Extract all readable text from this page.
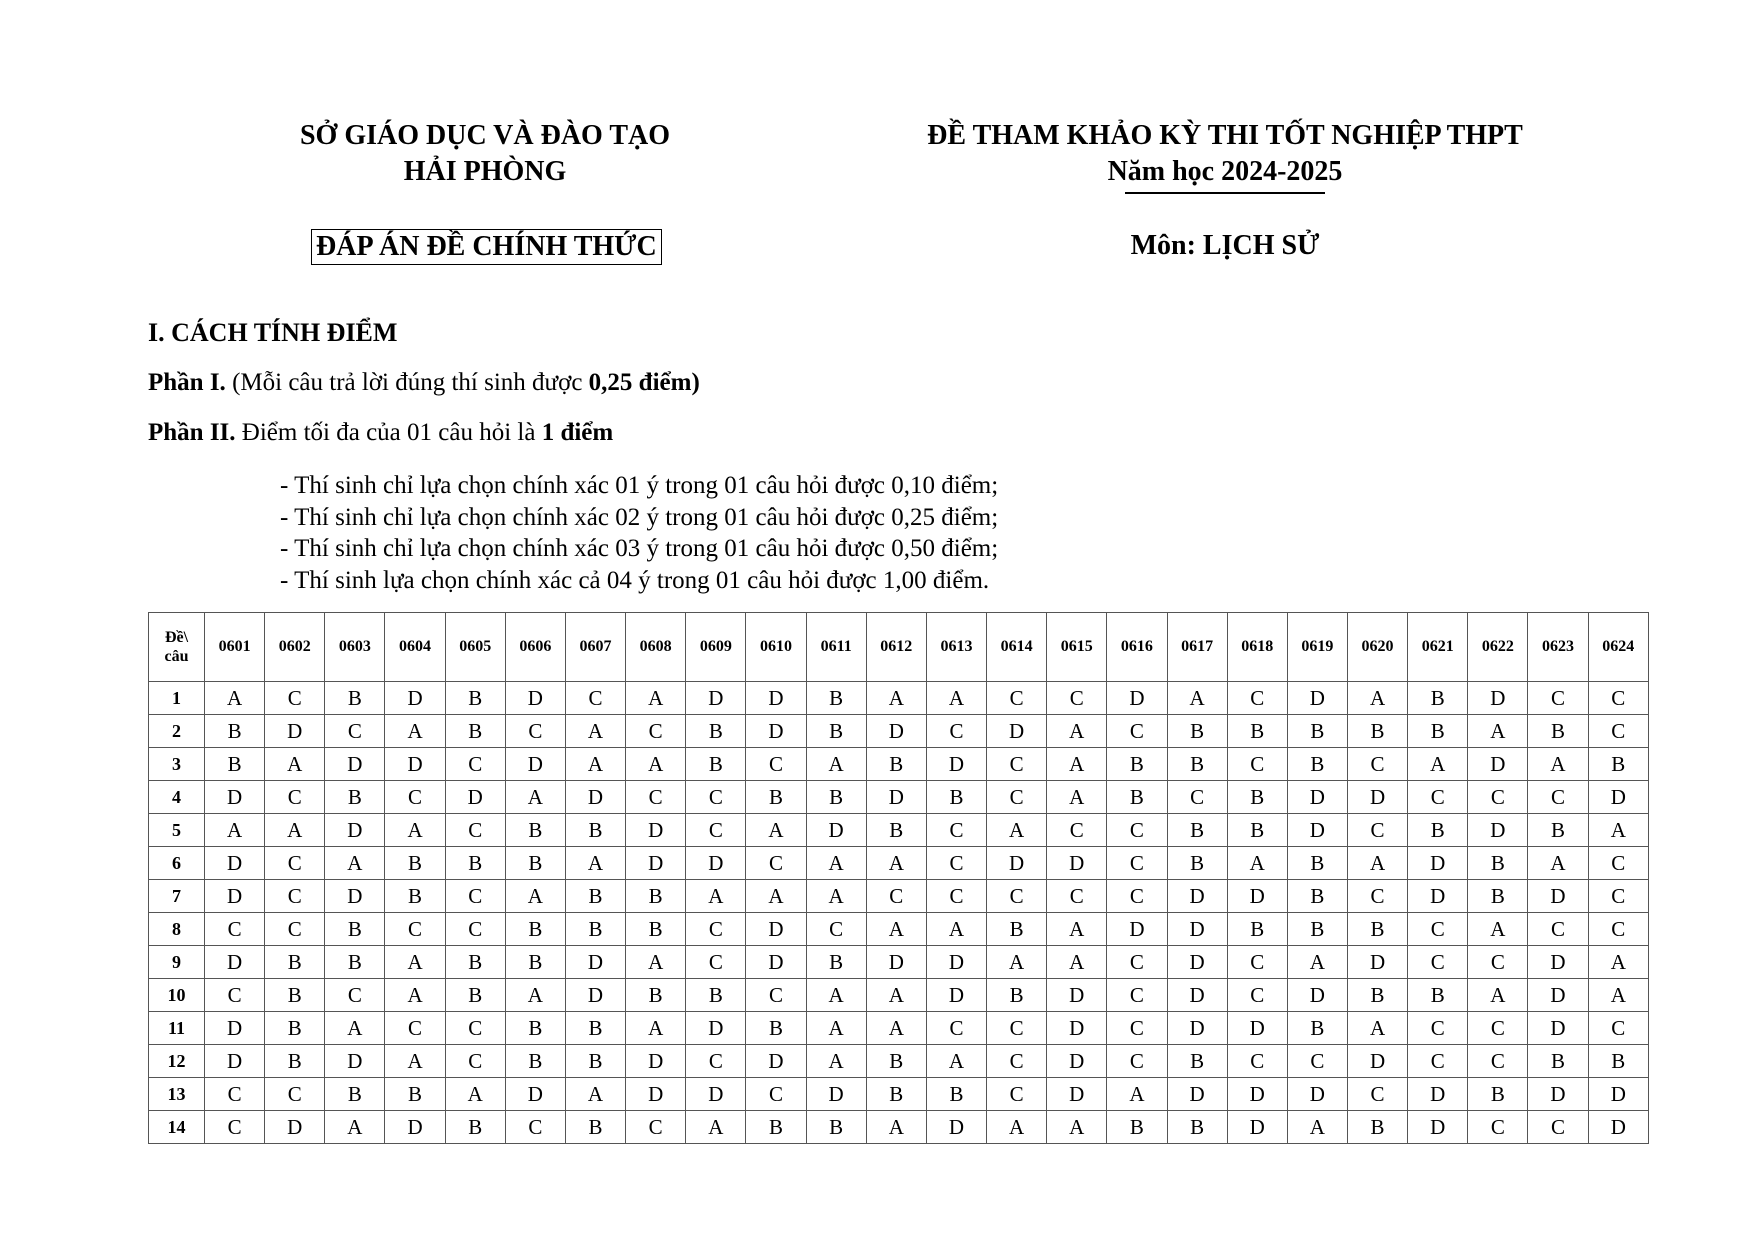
SỞ GIÁO DỤC VÀ ĐÀO TẠO
HẢI PHÒNG
ĐỀ THAM KHẢO KỲ THI TỐT NGHIỆP THPT
Năm học 2024-2025
ĐÁP ÁN ĐỀ CHÍNH THỨC	Môn: LỊCH SỬ
I. CÁCH TÍNH ĐIỂM
Phần I. (Mỗi câu trả lời đúng thí sinh được 0,25 điểm)
Phần II. Điểm tối đa của 01 câu hỏi là 1 điểm
- Thí sinh chỉ lựa chọn chính xác 01 ý trong 01 câu hỏi được 0,10 điểm;
- Thí sinh chỉ lựa chọn chính xác 02 ý trong 01 câu hỏi được 0,25 điểm;
- Thí sinh chỉ lựa chọn chính xác 03 ý trong 01 câu hỏi được 0,50 điểm;
- Thí sinh lựa chọn chính xác cả 04 ý trong 01 câu hỏi được 1,00 điểm.
Đề\
câu	0601	0602	0603	0604	0605	0606	0607	0608	0609	0610	0611	0612	0613	0614	0615	0616	0617	0618	0619	0620	0621	0622	0623	0624
1	A	C	B	D	B	D	C	A	D	D	B	A	A	C	C	D	A	C	D	A	B	D	C	C
2	B	D	C	A	B	C	A	C	B	D	B	D	C	D	A	C	B	B	B	B	B	A	B	C
3	B	A	D	D	C	D	A	A	B	C	A	B	D	C	A	B	B	C	B	C	A	D	A	B
4	D	C	B	C	D	A	D	C	C	B	B	D	B	C	A	B	C	B	D	D	C	C	C	D
5	A	A	D	A	C	B	B	D	C	A	D	B	C	A	C	C	B	B	D	C	B	D	B	A
6	D	C	A	B	B	B	A	D	D	C	A	A	C	D	D	C	B	A	B	A	D	B	A	C
7	D	C	D	B	C	A	B	B	A	A	A	C	C	C	C	C	D	D	B	C	D	B	D	C
8	C	C	B	C	C	B	B	B	C	D	C	A	A	B	A	D	D	B	B	B	C	A	C	C
9	D	B	B	A	B	B	D	A	C	D	B	D	D	A	A	C	D	C	A	D	C	C	D	A
10	C	B	C	A	B	A	D	B	B	C	A	A	D	B	D	C	D	C	D	B	B	A	D	A
11	D	B	A	C	C	B	B	A	D	B	A	A	C	C	D	C	D	D	B	A	C	C	D	C
12	D	B	D	A	C	B	B	D	C	D	A	B	A	C	D	C	B	C	C	D	C	C	B	B
13	C	C	B	B	A	D	A	D	D	C	D	B	B	C	D	A	D	D	D	C	D	B	D	D
14	C	D	A	D	B	C	B	C	A	B	B	A	D	A	A	B	B	D	A	B	D	C	C	D
